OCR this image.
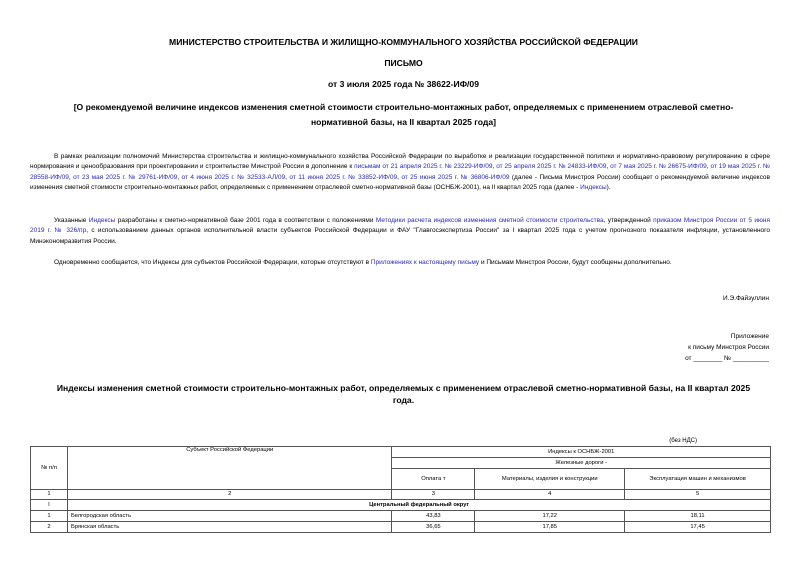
МИНИСТЕРСТВО СТРОИТЕЛЬСТВА И ЖИЛИЩНО-КОММУНАЛЬНОГО ХОЗЯЙСТВА РОССИЙСКОЙ ФЕДЕРАЦИИ
ПИСЬМО
от 3 июля 2025 года № 38622-ИФ/09
[О рекомендуемой величине индексов изменения сметной стоимости строительно-монтажных работ, определяемых с применением отраслевой сметно-нормативной базы, на II квартал 2025 года]
В рамках реализации полномочий Министерства строительства и жилищно-коммунального хозяйства Российской Федерации по выработке и реализации государственной политики и нормативно-правовому регулированию в сфере нормирования и ценообразования при проектировании и строительстве Минстрой России в дополнение к письмам от 21 апреля 2025 г. № 23229-ИФ/09, от 25 апреля 2025 г. № 24833-ИФ/09, от 7 мая 2025 г. № 26675-ИФ/09, от 19 мая 2025 г. № 28558-ИФ/09, от 23 мая 2025 г. № 29761-ИФ/09, от 4 июня 2025 г. № 32533-АЛ/09, от 11 июня 2025 г. № 33852-ИФ/09, от 25 июня 2025 г. № 36806-ИФ/09 (далее - Письма Минстроя России) сообщает о рекомендуемой величине индексов изменения сметной стоимости строительно-монтажных работ, определяемых с применением отраслевой сметно-нормативной базы (ОСНБЖ-2001), на II квартал 2025 года (далее - Индексы).
Указанные Индексы разработаны к сметно-нормативной базе 2001 года в соответствии с положениями Методики расчета индексов изменения сметной стоимости строительства, утвержденной приказом Минстроя России от 5 июня 2019 г. № 326/пр, с использованием данных органов исполнительной власти субъектов Российской Федерации и ФАУ "Главгосэкспертиза России" за I квартал 2025 года с учетом прогнозного показателя инфляции, установленного Минэкономразвития России.
Одновременно сообщается, что Индексы для субъектов Российской Федерации, которые отсутствуют в Приложениях к настоящему письму и Письмам Минстроя России, будут сообщены дополнительно.
И.Э.Файзуллин
Приложение
к письму Минстроя России
от ________ № __________
Индексы изменения сметной стоимости строительно-монтажных работ, определяемых с применением отраслевой сметно-нормативной базы, на II квартал 2025 года.
(без НДС)
№ п/п	Субъект Российской Федерации	Индексы к ОСНБЖ-2001		
		Железные дороги -		
		Оплата т	Материалы, изделия и конструкции	Эксплуатация машин и механизмов
1	2	3	4	5
I	Центральный федеральный округ			
1	Белгородская область	43,83	17,22	18,11
2	Брянская область	36,65	17,85	17,45
